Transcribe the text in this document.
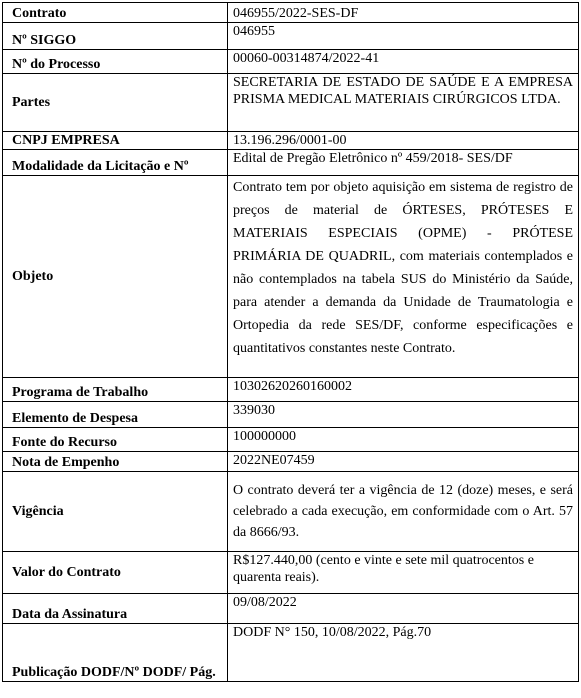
Contrato	046955/2022-SES-DF
Nº SIGGO	046955
Nº do Processo	00060-00314874/2022-41
Partes	SECRETARIA DE ESTADO DE SAÚDE E A EMPRESA PRISMA MEDICAL MATERIAIS CIRÚRGICOS LTDA.
CNPJ EMPRESA	13.196.296/0001-00
Modalidade da Licitação e Nº	Edital de Pregão Eletrônico nº 459/2018- SES/DF
Objeto	Contrato tem por objeto aquisição em sistema de registro de preços de material de ÓRTESES, PRÓTESES E MATERIAIS ESPECIAIS (OPME) - PRÓTESE PRIMÁRIA DE QUADRIL, com materiais contemplados e não contemplados na tabela SUS do Ministério da Saúde, para atender a demanda da Unidade de Traumatologia e Ortopedia da rede SES/DF, conforme especificações e quantitativos constantes neste Contrato.
Programa de Trabalho	10302620260160002
Elemento de Despesa	339030
Fonte do Recurso	100000000
Nota de Empenho	2022NE07459
Vigência	O contrato deverá ter a vigência de 12 (doze) meses, e será celebrado a cada execução, em conformidade com o Art. 57 da 8666/93.
Valor do Contrato	R$127.440,00 (cento e vinte e sete mil quatrocentos e quarenta reais).
Data da Assinatura	09/08/2022
Publicação DODF/Nº DODF/ Pág.	DODF N° 150, 10/08/2022, Pág.70
